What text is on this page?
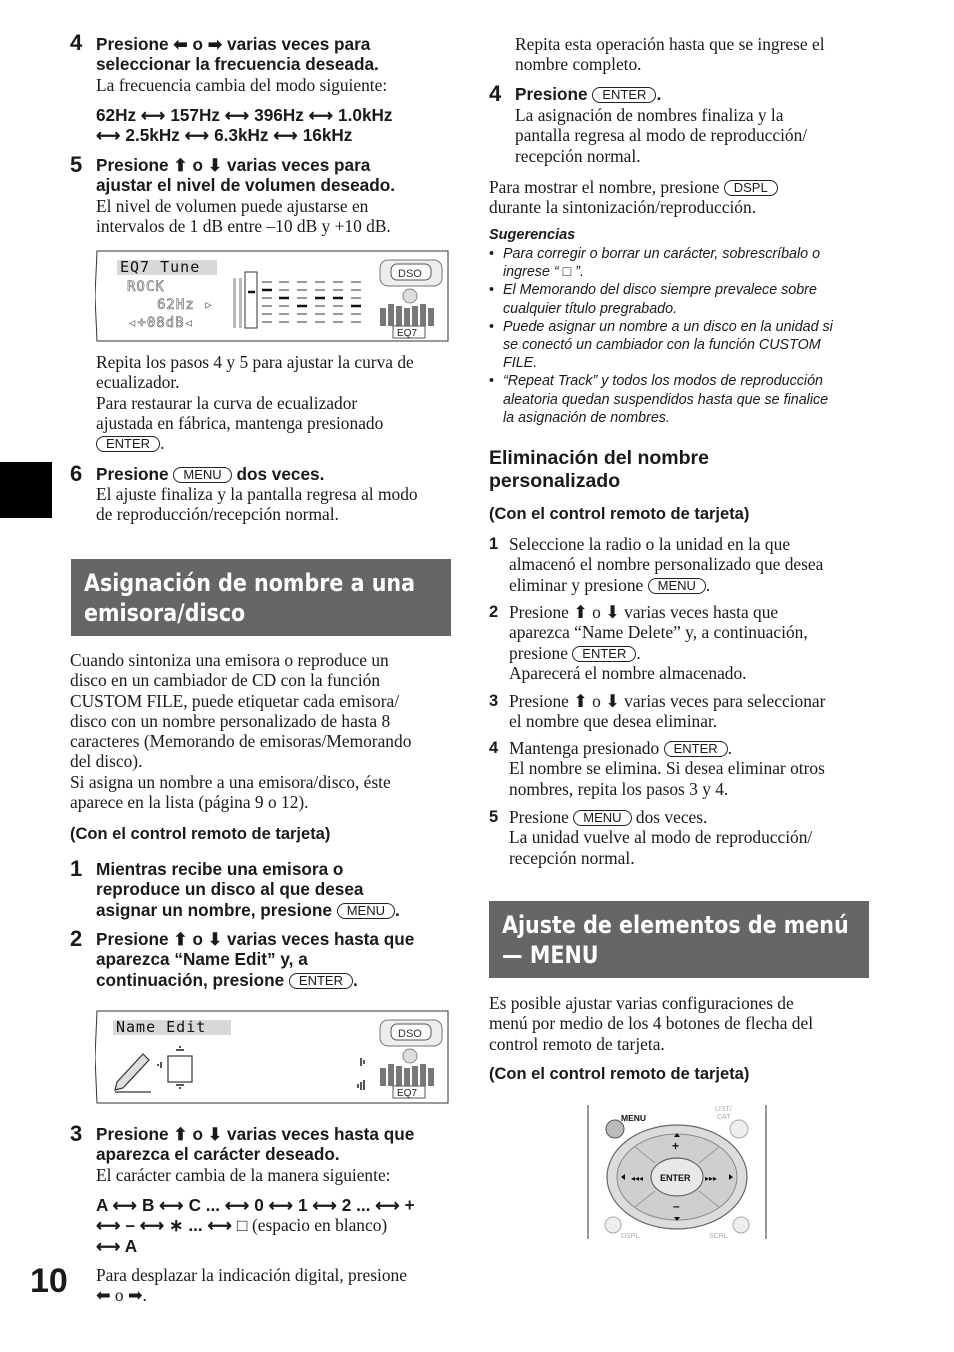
4 Presione ⬅ o ➡ varias veces para
seleccionar la frecuencia deseada.
La frecuencia cambia del modo siguiente:
62Hz ⟷ 157Hz ⟷ 396Hz ⟷ 1.0kHz
⟷ 2.5kHz ⟷ 6.3kHz ⟷ 16kHz
5 Presione ⬆ o ⬇ varias veces para
ajustar el nivel de volumen deseado.
El nivel de volumen puede ajustarse en
intervalos de 1 dB entre –10 dB y +10 dB.
EQ7 Tune
ROCK
62Hz ▸
◂+08dB◂
DSO
EQ7
Repita los pasos 4 y 5 para ajustar la curva de
ecualizador.
Para restaurar la curva de ecualizador
ajustada en fábrica, mantenga presionado
ENTER .
6 Presione MENU dos veces.
El ajuste finaliza y la pantalla regresa al modo
de reproducción/recepción normal.
Asignación de nombre a una
emisora/disco
Cuando sintoniza una emisora o reproduce un
disco en un cambiador de CD con la función
CUSTOM FILE, puede etiquetar cada emisora/
disco con un nombre personalizado de hasta 8
caracteres (Memorando de emisoras/Memorando
del disco).
Si asigna un nombre a una emisora/disco, éste
aparece en la lista (página 9 o 12).
(Con el control remoto de tarjeta)
1 Mientras recibe una emisora o
reproduce un disco al que desea
asignar un nombre, presione MENU .
2 Presione ⬆ o ⬇ varias veces hasta que
aparezca “Name Edit” y, a
continuación, presione ENTER .
Name Edit	DSO
EQ7
3 Presione ⬆ o ⬇ varias veces hasta que
aparezca el carácter deseado.
El carácter cambia de la manera siguiente:
A ⟷ B ⟷ C ... ⟷ 0 ⟷ 1 ⟷ 2 ... ⟷ +
⟷ – ⟷ ∗ ... ⟷ □ (espacio en blanco)
⟷ A
Para desplazar la indicación digital, presione
⬅ o ➡.
10
Repita esta operación hasta que se ingrese el
nombre completo.
4 Presione ENTER .
La asignación de nombres finaliza y la
pantalla regresa al modo de reproducción/
recepción normal.
Para mostrar el nombre, presione DSPL
durante la sintonización/reproducción.
Sugerencias
• Para corregir o borrar un carácter, sobrescríbalo o
ingrese “ □ ”.
• El Memorando del disco siempre prevalece sobre
cualquier título pregrabado.
• Puede asignar un nombre a un disco en la unidad si
se conectó un cambiador con la función CUSTOM
FILE.
• “Repeat Track” y todos los modos de reproducción
aleatoria quedan suspendidos hasta que se finalice
la asignación de nombres.
Eliminación del nombre
personalizado
(Con el control remoto de tarjeta)
1 Seleccione la radio o la unidad en la que
almacenó el nombre personalizado que desea
eliminar y presione MENU .
2 Presione ⬆ o ⬇ varias veces hasta que
aparezca “Name Delete” y, a continuación,
presione ENTER .
Aparecerá el nombre almacenado.
3 Presione ⬆ o ⬇ varias veces para seleccionar
el nombre que desea eliminar.
4 Mantenga presionado ENTER .
El nombre se elimina. Si desea eliminar otros
nombres, repita los pasos 3 y 4.
5 Presione MENU dos veces.
La unidad vuelve al modo de reproducción/
recepción normal.
Ajuste de elementos de menú
— MENU
Es posible ajustar varias configuraciones de
menú por medio de los 4 botones de flecha del
control remoto de tarjeta.
(Con el control remoto de tarjeta)
MENU
LIST/
CAT
ENTER
+
–
◂◂◂	▸▸▸
DSPL	SCRL
